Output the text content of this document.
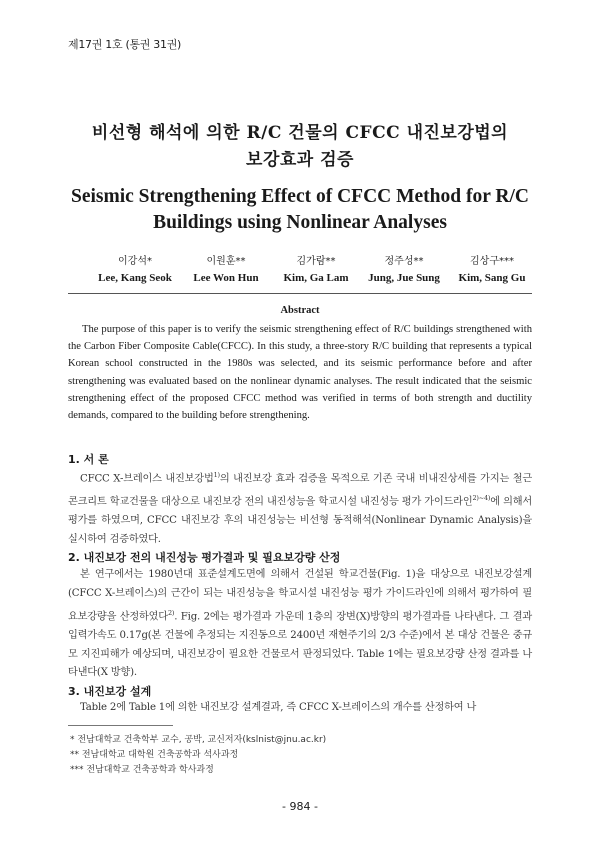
제17권 1호 (통권 31권)
비선형 해석에 의한 R/C 건물의 CFCC 내진보강법의
보강효과 검증
Seismic Strengthening Effect of CFCC Method for R/C
Buildings using Nonlinear Analyses
이강석*
Lee, Kang Seok
이원훈**
Lee Won Hun
김가람**
Kim, Ga Lam
정주성**
Jung, Jue Sung
김상구***
Kim, Sang Gu
Abstract

The purpose of this paper is to verify the seismic strengthening effect of R/C buildings strengthened with the Carbon Fiber Composite Cable(CFCC). In this study, a three-story R/C building that represents a typical Korean school constructed in the 1980s was selected, and its seismic performance before and after strengthening was evaluated based on the nonlinear dynamic analyses. The result indicated that the seismic strengthening effect of the proposed CFCC method was verified in terms of both strength and ductility demands, compared to the building before strengthening.

1. 서 론

CFCC X-브레이스 내진보강법$^{1)}$의 내진보강 효과 검증을 목적으로 기존 국내 비내진상세를 가지는 철근콘크리트 학교건물을 대상으로 내진보강 전의 내진성능을 학교시설 내진성능 평가 가이드라인$^{2)\sim 4)}$에 의해서 평가를 하였으며, CFCC 내진보강 후의 내진성능는 비선형 동적해석(Nonlinear Dynamic Analysis)을 실시하여 검증하였다.

2. 내진보강 전의 내진성능 평가결과 및 필요보강량 산정

본 연구에서는 1980년대 표준설계도면에 의해서 건설된 학교건물(Fig. 1)을 대상으로 내진보강설계(CFCC X-브레이스)의 근간이 되는 내진성능을 학교시설 내진성능 평가 가이드라인에 의해서 평가하여 필요보강량을 산정하였다$^{2)}$. Fig. 2에는 평가결과 가운데 1층의 장변(X)방향의 평가결과를 나타낸다. 그 결과 입력가속도 0.17g(본 건물에 추정되는 지진동으로 2400년 재현주기의 2/3 수준)에서 본 대상 건물은 중규모 지진피해가 예상되며, 내진보강이 필요한 건물로서 판정되었다. Table 1에는 필요보강량 산정 결과를 나타낸다(X 방향).

3. 내진보강 설계

Table 2에 Table 1에 의한 내진보강 설계결과, 즉 CFCC X-브레이스의 개수를 산정하여 나

* 전남대학교 건축학부 교수, 공박, 교신저자(kslnist@jnu.ac.kr)
** 전남대학교 대학원 건축공학과 석사과정
*** 전남대학교 건축공학과 학사과정
- 984 -
